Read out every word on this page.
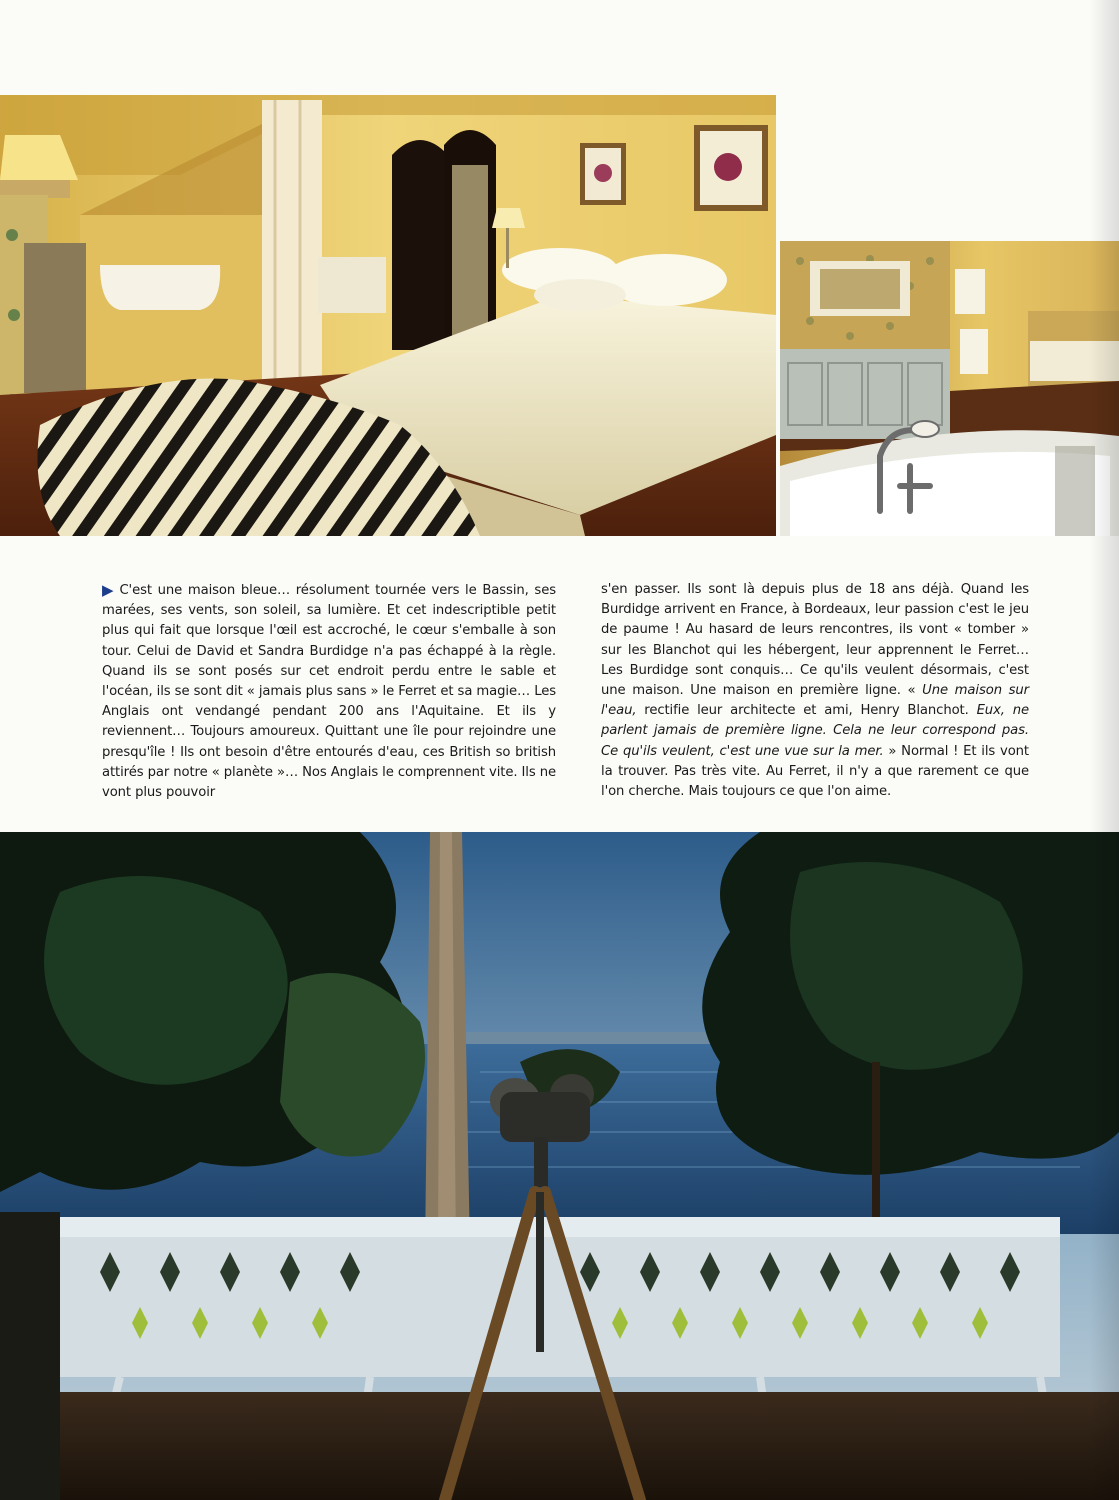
▶ C'est une maison bleue… résolument tournée vers le Bassin, ses marées, ses vents, son soleil, sa lumière. Et cet indescriptible petit plus qui fait que lorsque l'œil est accroché, le cœur s'emballe à son tour. Celui de David et Sandra Burdidge n'a pas échappé à la règle. Quand ils se sont posés sur cet endroit perdu entre le sable et l'océan, ils se sont dit « jamais plus sans » le Ferret et sa magie… Les Anglais ont vendangé pendant 200 ans l'Aquitaine. Et ils y reviennent… Toujours amoureux. Quittant une île pour rejoindre une presqu'île ! Ils ont besoin d'être entourés d'eau, ces British so british attirés par notre « planète »… Nos Anglais le comprennent vite. Ils ne vont plus pouvoir

s'en passer. Ils sont là depuis plus de 18 ans déjà. Quand les Burdidge arrivent en France, à Bordeaux, leur passion c'est le jeu de paume ! Au hasard de leurs rencontres, ils vont « tomber » sur les Blanchot qui les hébergent, leur apprennent le Ferret… Les Burdidge sont conquis… Ce qu'ils veulent désormais, c'est une maison. Une maison en première ligne. « Une maison sur l'eau, rectifie leur architecte et ami, Henry Blanchot. Eux, ne parlent jamais de première ligne. Cela ne leur correspond pas. Ce qu'ils veulent, c'est une vue sur la mer. » Normal ! Et ils vont la trouver. Pas très vite. Au Ferret, il n'y a que rarement ce que l'on cherche. Mais toujours ce que l'on aime.
